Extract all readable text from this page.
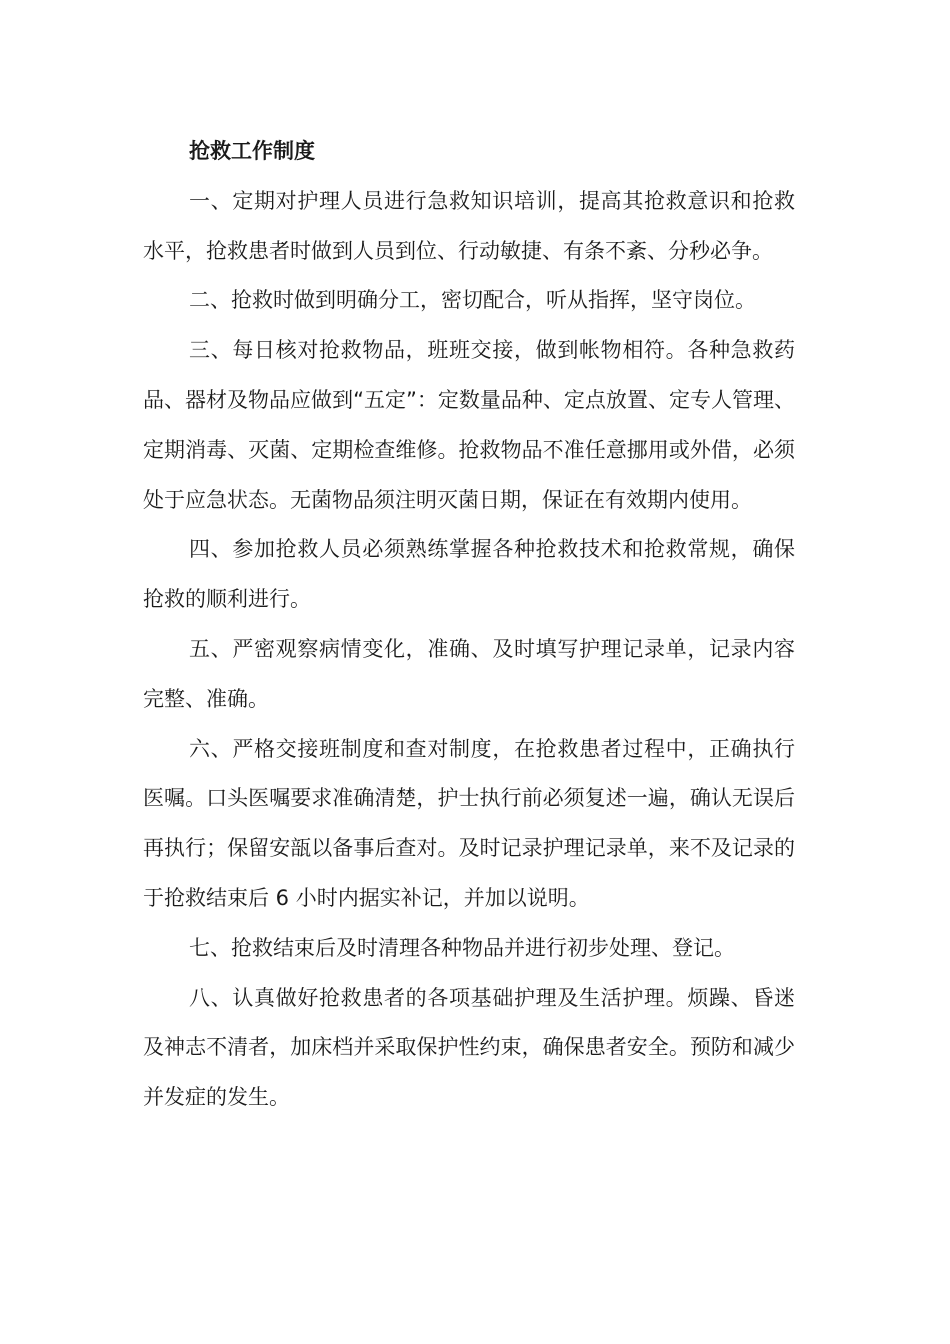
抢救工作制度

一、定期对护理人员进行急救知识培训，提高其抢救意识和抢救水平，抢救患者时做到人员到位、行动敏捷、有条不紊、分秒必争。

二、抢救时做到明确分工，密切配合，听从指挥，坚守岗位。

三、每日核对抢救物品，班班交接，做到帐物相符。各种急救药品、器材及物品应做到“五定”：定数量品种、定点放置、定专人管理、定期消毒、灭菌、定期检查维修。抢救物品不准任意挪用或外借，必须处于应急状态。无菌物品须注明灭菌日期，保证在有效期内使用。

四、参加抢救人员必须熟练掌握各种抢救技术和抢救常规，确保抢救的顺利进行。

五、严密观察病情变化，准确、及时填写护理记录单，记录内容完整、准确。

六、严格交接班制度和查对制度，在抢救患者过程中，正确执行医嘱。口头医嘱要求准确清楚，护士执行前必须复述一遍，确认无误后再执行；保留安瓿以备事后查对。及时记录护理记录单，来不及记录的于抢救结束后 6 小时内据实补记，并加以说明。

七、抢救结束后及时清理各种物品并进行初步处理、登记。

八、认真做好抢救患者的各项基础护理及生活护理。烦躁、昏迷及神志不清者，加床档并采取保护性约束，确保患者安全。预防和减少并发症的发生。
